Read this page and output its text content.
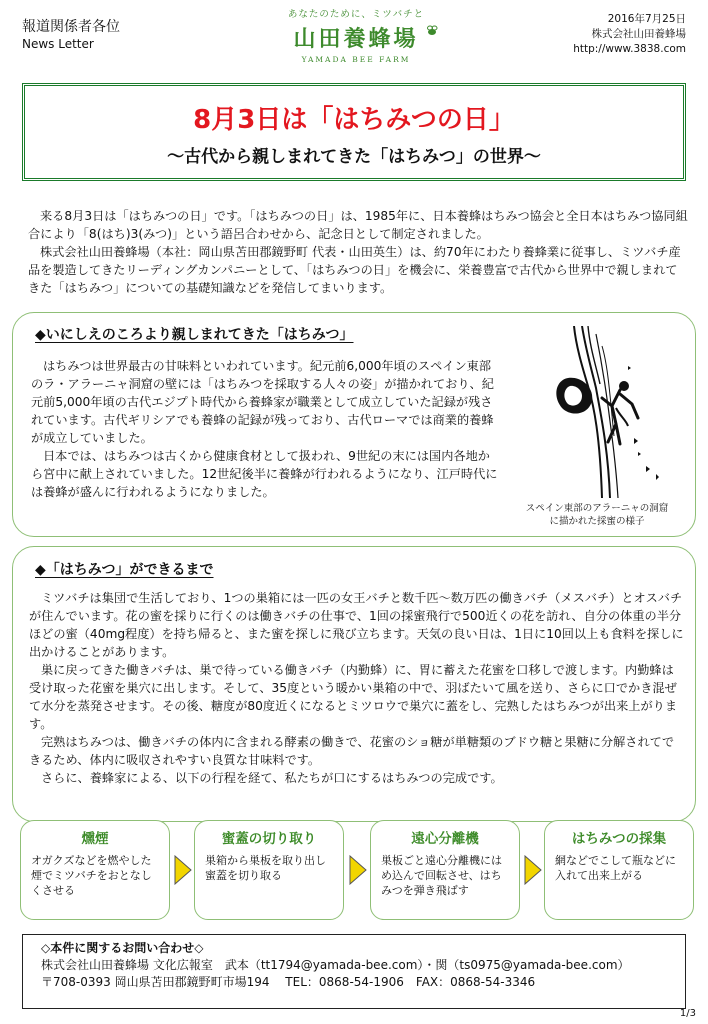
報道関係者各位
News Letter
あなたのために、ミツバチと
山田養蜂場
YAMADA BEE FARM
2016年7月25日
株式会社山田養蜂場
http://www.3838.com
8月3日は「はちみつの日」
～古代から親しまれてきた「はちみつ」の世界～

来る8月3日は「はちみつの日」です。「はちみつの日」は、1985年に、日本養蜂はちみつ協会と全日本はちみつ協同組合により「8(はち)3(みつ)」という語呂合わせから、記念日として制定されました。

株式会社山田養蜂場（本社：岡山県苫田郡鏡野町 代表・山田英生）は、約70年にわたり養蜂業に従事し、ミツバチ産品を製造してきたリーディングカンパニーとして、「はちみつの日」を機会に、栄養豊富で古代から世界中で親しまれてきた「はちみつ」についての基礎知識などを発信してまいります。

◆いにしえのころより親しまれてきた「はちみつ」

はちみつは世界最古の甘味料といわれています。紀元前6,000年頃のスペイン東部のラ・アラーニャ洞窟の壁には「はちみつを採取する人々の姿」が描かれており、紀元前5,000年頃の古代エジプト時代から養蜂家が職業として成立していた記録が残されています。古代ギリシアでも養蜂の記録が残っており、古代ローマでは商業的養蜂が成立していました。

日本では、はちみつは古くから健康食材として扱われ、9世紀の末には国内各地から宮中に献上されていました。12世紀後半に養蜂が行われるようになり、江戸時代には養蜂が盛んに行われるようになりました。

スペイン東部のアラーニャの洞窟
に描かれた採蜜の様子
◆「はちみつ」ができるまで

ミツバチは集団で生活しており、1つの巣箱には一匹の女王バチと数千匹～数万匹の働きバチ（メスバチ）とオスバチが住んでいます。花の蜜を採りに行くのは働きバチの仕事で、1回の採蜜飛行で500近くの花を訪れ、自分の体重の半分ほどの蜜（40mg程度）を持ち帰ると、また蜜を探しに飛び立ちます。天気の良い日は、1日に10回以上も食料を探しに出かけることがあります。

巣に戻ってきた働きバチは、巣で待っている働きバチ（内勤蜂）に、胃に蓄えた花蜜を口移しで渡します。内勤蜂は受け取った花蜜を巣穴に出します。そして、35度という暖かい巣箱の中で、羽ばたいて風を送り、さらに口でかき混ぜて水分を蒸発させます。その後、糖度が80度近くになるとミツロウで巣穴に蓋をし、完熟したはちみつが出来上がります。

完熟はちみつは、働きバチの体内に含まれる酵素の働きで、花蜜のショ糖が単糖類のブドウ糖と果糖に分解されてできるため、体内に吸収されやすい良質な甘味料です。

さらに、養蜂家による、以下の行程を経て、私たちが口にするはちみつの完成です。

燻煙
オガクズなどを燃やした煙でミツバチをおとなしくさせる
蜜蓋の切り取り
巣箱から巣板を取り出し蜜蓋を切り取る
遠心分離機
巣板ごと遠心分離機にはめ込んで回転させ、はちみつを弾き飛ばす
はちみつの採集
網などでこして瓶などに入れて出来上がる
◇本件に関するお問い合わせ◇
株式会社山田養蜂場 文化広報室　武本（tt1794@yamada-bee.com）・関（ts0975@yamada-bee.com）
〒708-0393 岡山県苫田郡鏡野町市場194　 TEL：0868-54-1906　FAX：0868-54-3346
1/3
